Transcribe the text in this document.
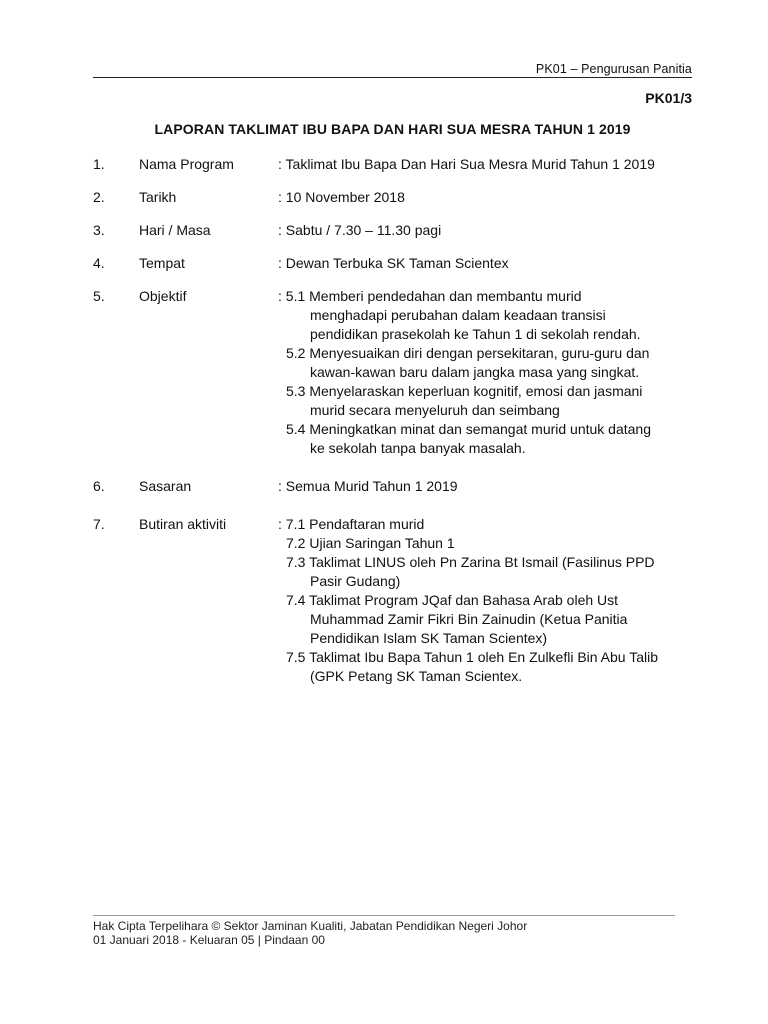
PK01 – Pengurusan Panitia
PK01/3
LAPORAN TAKLIMAT IBU BAPA DAN HARI SUA MESRA TAHUN 1 2019
1. Nama Program	: Taklimat Ibu Bapa Dan Hari Sua Mesra Murid Tahun 1 2019
2. Tarikh	: 10 November 2018
3. Hari / Masa	: Sabtu / 7.30 – 11.30 pagi
4. Tempat	: Dewan Terbuka SK Taman Scientex
5. Objektif	: 5.1 Memberi pendedahan dan membantu murid menghadapi perubahan dalam keadaan transisi pendidikan prasekolah ke Tahun 1 di sekolah rendah.
5.2 Menyesuaikan diri dengan persekitaran, guru-guru dan kawan-kawan baru dalam jangka masa yang singkat.
5.3 Menyelaraskan keperluan kognitif, emosi dan jasmani murid secara menyeluruh dan seimbang
5.4 Meningkatkan minat dan semangat murid untuk datang ke sekolah tanpa banyak masalah.
6. Sasaran	: Semua Murid Tahun 1 2019
7. Butiran aktiviti	: 7.1 Pendaftaran murid
7.2 Ujian Saringan Tahun 1
7.3 Taklimat LINUS oleh Pn Zarina Bt Ismail (Fasilinus PPD Pasir Gudang)
7.4 Taklimat Program JQaf dan Bahasa Arab oleh Ust Muhammad Zamir Fikri Bin Zainudin (Ketua Panitia Pendidikan Islam SK Taman Scientex)
7.5 Taklimat Ibu Bapa Tahun 1 oleh En Zulkefli Bin Abu Talib (GPK Petang SK Taman Scientex.
Hak Cipta Terpelihara © Sektor Jaminan Kualiti, Jabatan Pendidikan Negeri Johor
01 Januari 2018 - Keluaran 05 | Pindaan 00
